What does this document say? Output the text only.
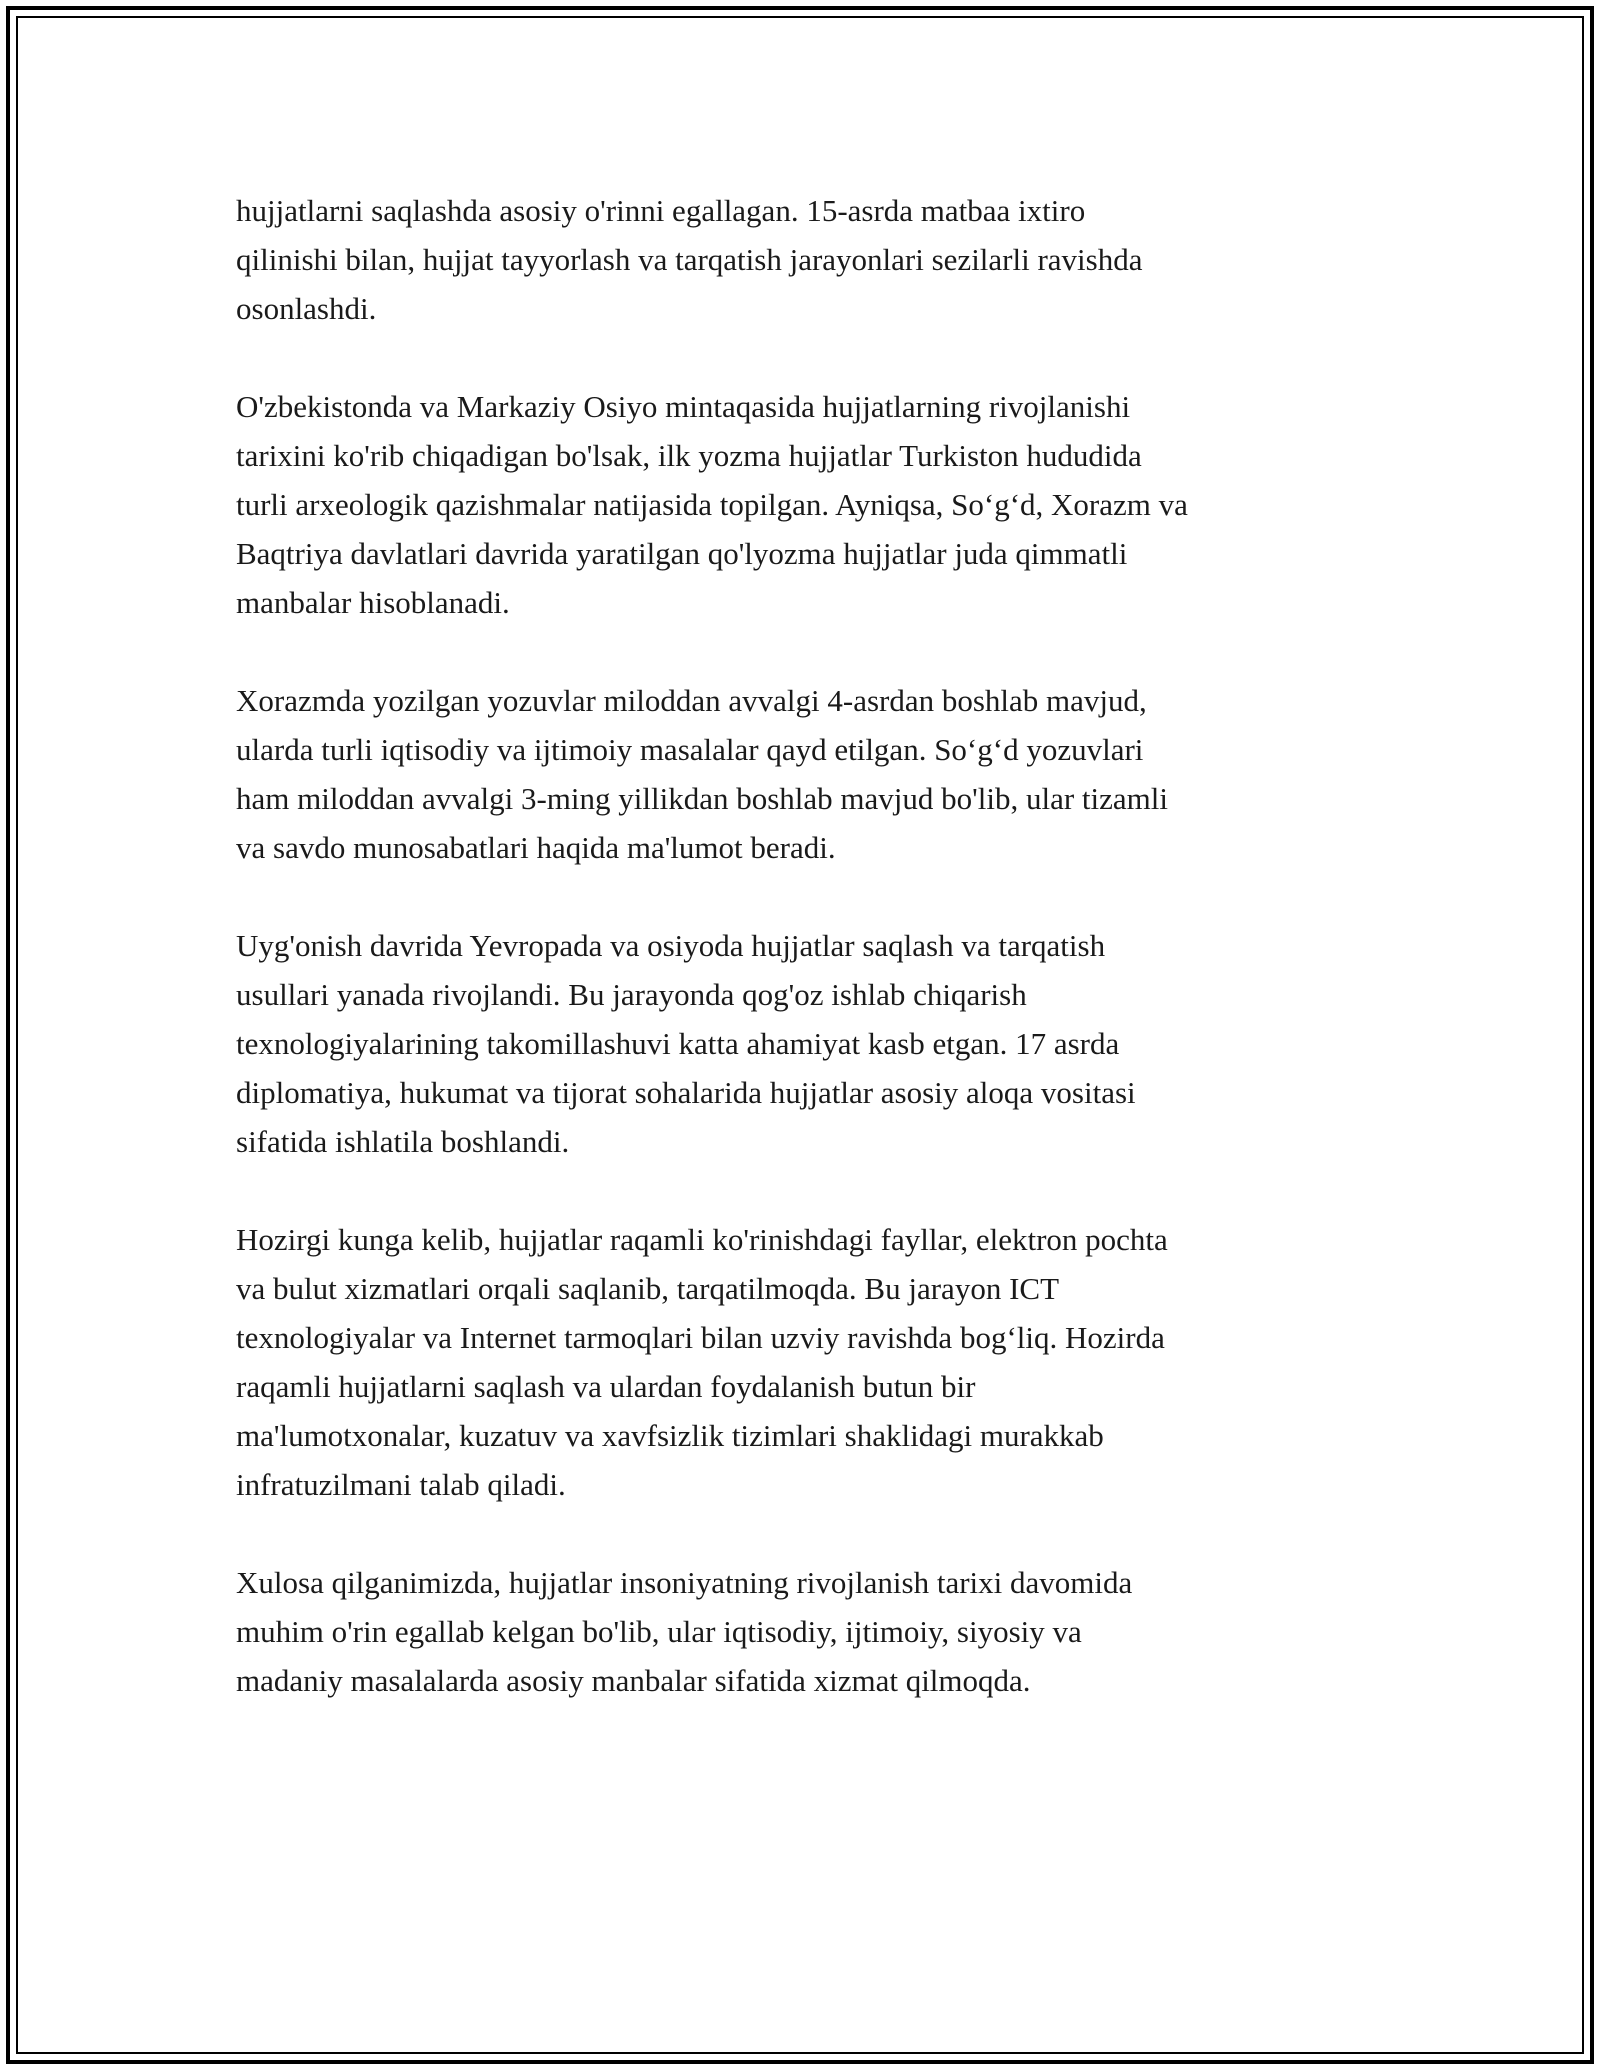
hujjatlarni saqlashda asosiy o'rinni egallagan. 15-asrda matbaa ixtiro
qilinishi bilan, hujjat tayyorlash va tarqatish jarayonlari sezilarli ravishda
osonlashdi.

O'zbekistonda va Markaziy Osiyo mintaqasida hujjatlarning rivojlanishi
tarixini ko'rib chiqadigan bo'lsak, ilk yozma hujjatlar Turkiston hududida
turli arxeologik qazishmalar natijasida topilgan. Ayniqsa, So‘g‘d, Xorazm va
Baqtriya davlatlari davrida yaratilgan qo'lyozma hujjatlar juda qimmatli
manbalar hisoblanadi.

Xorazmda yozilgan yozuvlar miloddan avvalgi 4-asrdan boshlab mavjud,
ularda turli iqtisodiy va ijtimoiy masalalar qayd etilgan. So‘g‘d yozuvlari
ham miloddan avvalgi 3-ming yillikdan boshlab mavjud bo'lib, ular tizamli
va savdo munosabatlari haqida ma'lumot beradi.

Uyg'onish davrida Yevropada va osiyoda hujjatlar saqlash va tarqatish
usullari yanada rivojlandi. Bu jarayonda qog'oz ishlab chiqarish
texnologiyalarining takomillashuvi katta ahamiyat kasb etgan. 17 asrda
diplomatiya, hukumat va tijorat sohalarida hujjatlar asosiy aloqa vositasi
sifatida ishlatila boshlandi.

Hozirgi kunga kelib, hujjatlar raqamli ko'rinishdagi fayllar, elektron pochta
va bulut xizmatlari orqali saqlanib, tarqatilmoqda. Bu jarayon ICT
texnologiyalar va Internet tarmoqlari bilan uzviy ravishda bog‘liq. Hozirda
raqamli hujjatlarni saqlash va ulardan foydalanish butun bir
ma'lumotxonalar, kuzatuv va xavfsizlik tizimlari shaklidagi murakkab
infratuzilmani talab qiladi.

Xulosa qilganimizda, hujjatlar insoniyatning rivojlanish tarixi davomida
muhim o'rin egallab kelgan bo'lib, ular iqtisodiy, ijtimoiy, siyosiy va
madaniy masalalarda asosiy manbalar sifatida xizmat qilmoqda.
